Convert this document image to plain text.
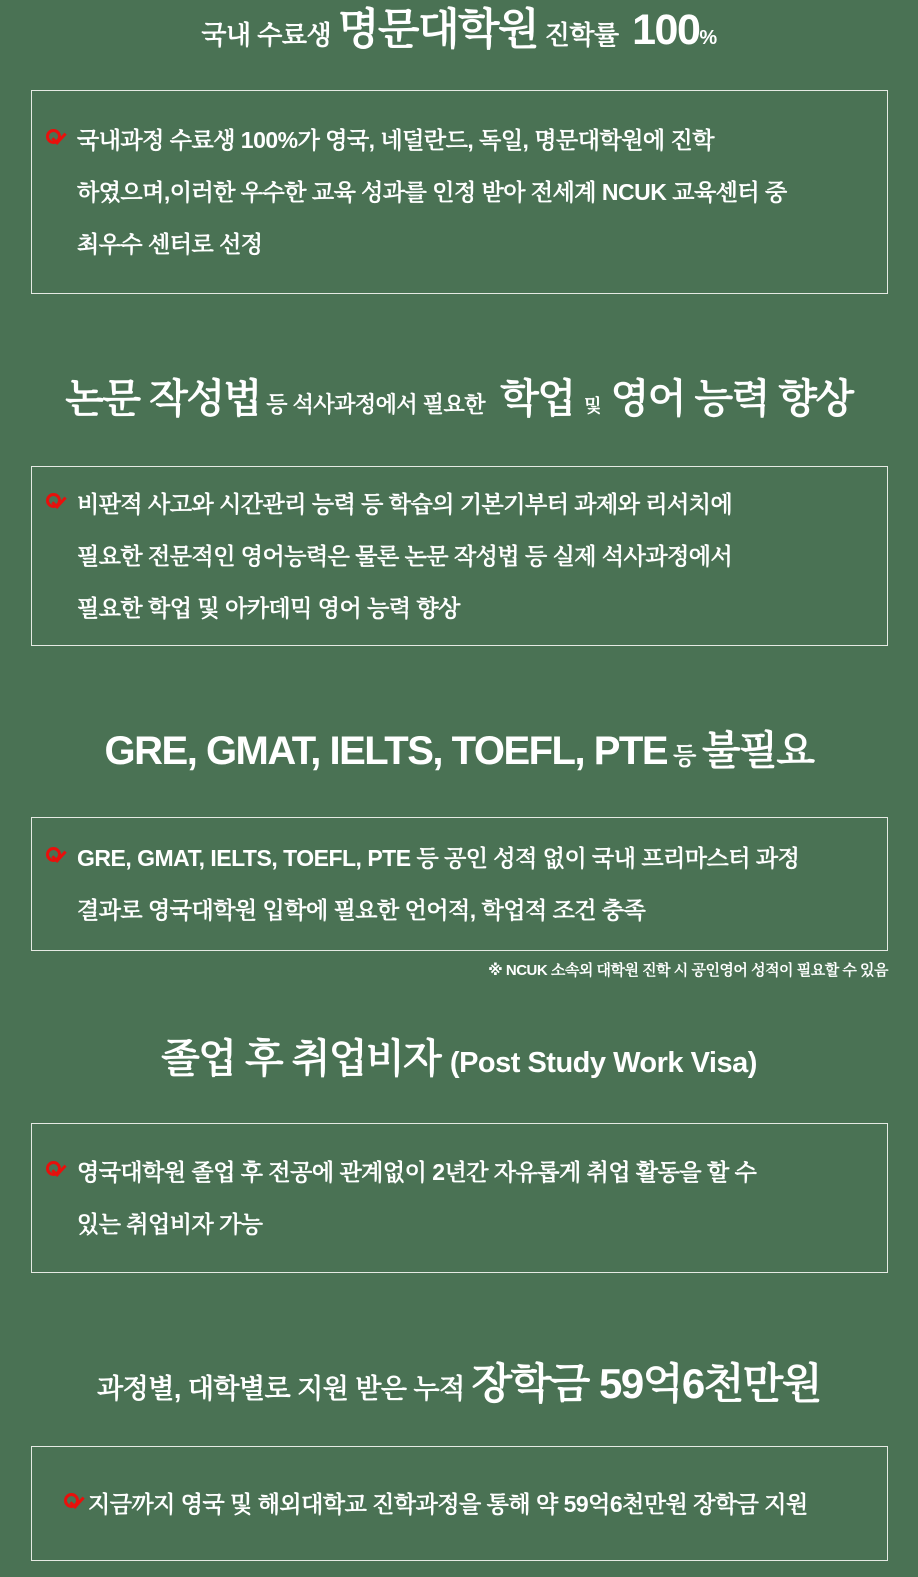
국내 수료생 명문대학원 진학률  100%
국내과정 수료생 100%가 영국, 네덜란드, 독일, 명문대학원에 진학
하였으며,이러한 우수한 교육 성과를 인정 받아 전세계 NCUK 교육센터 중
최우수 센터로 선정
논문 작성법 등 석사과정에서 필요한  학업 및 영어 능력 향상
비판적 사고와 시간관리 능력 등 학습의 기본기부터 과제와 리서치에
필요한 전문적인 영어능력은 물론 논문 작성법 등 실제 석사과정에서
필요한 학업 및 아카데믹 영어 능력 향상
GRE, GMAT, IELTS, TOEFL, PTE 등 불필요
GRE, GMAT, IELTS, TOEFL, PTE 등 공인 성적 없이 국내 프리마스터 과정
결과로 영국대학원 입학에 필요한 언어적, 학업적 조건 충족
※ NCUK 소속외 대학원 진학 시 공인영어 성적이 필요할 수 있음
졸업 후 취업비자 (Post Study Work Visa)
영국대학원 졸업 후 전공에 관계없이 2년간 자유롭게 취업 활동을 할 수
있는 취업비자 가능
과정별, 대학별로 지원 받은 누적 장학금 59억6천만원
지금까지 영국 및 해외대학교 진학과정을 통해 약 59억6천만원 장학금 지원
